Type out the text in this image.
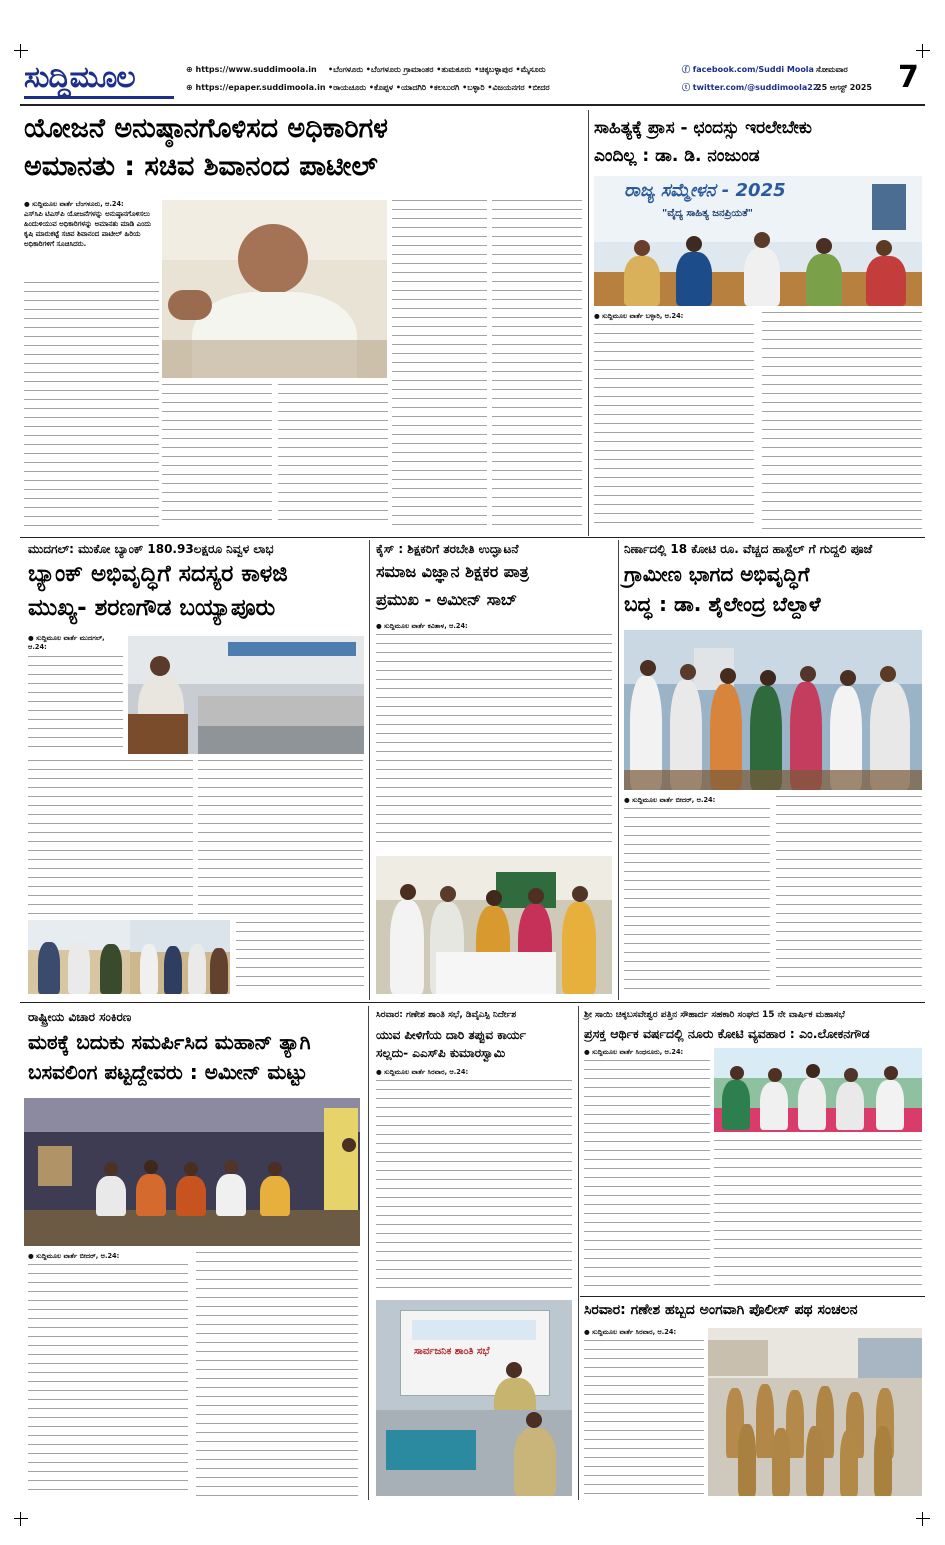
ಸುದ್ದಿಮೂಲ	⊕ https://www.suddimoola.in
⊕ https://epaper.suddimoola.in
•ಬೆಂಗಳೂರು •ಬೆಂಗಳೂರು ಗ್ರಾಮಾಂತರ •ತುಮಕೂರು •ಚಿಕ್ಕಬಳ್ಳಾಪುರ •ಮೈಸೂರು
•ರಾಯಚೂರು •ಕೊಪ್ಪಳ •ಯಾದಗಿರಿ •ಕಲಬುರಗಿ •ಬಳ್ಳಾರಿ •ವಿಜಯನಗರ •ಬೀದರ
ⓕ facebook.com/Suddi Moola
ⓣ twitter.com/@suddimoola22
ಸೋಮವಾರ
25 ಆಗಸ್ಟ್ 2025 7
ಯೋಜನೆ ಅನುಷ್ಠಾನಗೊಳಿಸದ ಅಧಿಕಾರಿಗಳ
ಅಮಾನತು : ಸಚಿವ ಶಿವಾನಂದ ಪಾಟೀಲ್
● ಸುದ್ದಿಮೂಲ ವಾರ್ತೆ ಬೆಂಗಳೂರು, ಆ.24:
ಎಸ್‌ಸಿಪಿ ಟಿಎಸ್‌ಪಿ ಯೋಜನೆಗಳನ್ನು ಅನುಷ್ಠಾನಗೊಳಿಸಲು ಹಿಂದುಳಿಯುವ ಅಧಿಕಾರಿಗಳನ್ನು ಅಮಾನತು ಮಾಡಿ ಎಂದು ಕೃಷಿ ಮಾರುಕಟ್ಟೆ ಸಚಿವ ಶಿವಾನಂದ ಪಾಟೀಲ್ ಹಿರಿಯ ಅಧಿಕಾರಿಗಳಿಗೆ ಸೂಚಿಸಿದರು.
ಸಾಹಿತ್ಯಕ್ಕೆ ಪ್ರಾಸ - ಛಂದಸ್ಸು ಇರಲೇಬೇಕು
ಎಂದಿಲ್ಲ : ಡಾ. ಡಿ. ನಂಜುಂಡ
ರಾಜ್ಯ ಸಮ್ಮೇಳನ - 2025
"ವೈದ್ಯ ಸಾಹಿತ್ಯ ಜನಪ್ರಿಯತೆ"
● ಸುದ್ದಿಮೂಲ ವಾರ್ತೆ ಬಳ್ಳಾರಿ, ಆ.24:
ಮುದಗಲ್: ಮುಕೋ ಬ್ಯಾಂಕ್ 180.93ಲಕ್ಷರೂ ನಿವ್ವಳ ಲಾಭ
ಬ್ಯಾಂಕ್ ಅಭಿವೃದ್ಧಿಗೆ ಸದಸ್ಯರ ಕಾಳಜಿ
ಮುಖ್ಯ- ಶರಣಗೌಡ ಬಯ್ಯಾಪೂರು
● ಸುದ್ದಿಮೂಲ ವಾರ್ತೆ ಮುದಗಲ್, ಆ.24:
ಕೈಸ್ : ಶಿಕ್ಷಕರಿಗೆ ತರಬೇತಿ ಉದ್ಘಾಟನೆ
ಸಮಾಜ ವಿಜ್ಞಾನ ಶಿಕ್ಷಕರ ಪಾತ್ರ
ಪ್ರಮುಖ - ಅಮೀನ್ ಸಾಬ್
● ಸುದ್ದಿಮೂಲ ವಾರ್ತೆ ಕವಿತಾಳ, ಆ.24:
ನಿರ್ಣಾದಲ್ಲಿ 18 ಕೋಟಿ ರೂ. ವೆಚ್ಚದ ಹಾಸ್ಟೆಲ್ ಗೆ ಗುದ್ದಲಿ ಪೂಜೆ
ಗ್ರಾಮೀಣ ಭಾಗದ ಅಭಿವೃದ್ಧಿಗೆ
ಬದ್ಧ : ಡಾ. ಶೈಲೇಂದ್ರ ಬೆಲ್ದಾಳೆ
● ಸುದ್ದಿಮೂಲ ವಾರ್ತೆ ಬೀದರ್, ಆ.24:
ರಾಷ್ಟ್ರೀಯ ವಿಚಾರ ಸಂಕಿರಣ
ಮಠಕ್ಕೆ ಬದುಕು ಸಮರ್ಪಿಸಿದ ಮಹಾನ್ ತ್ಯಾಗಿ
ಬಸವಲಿಂಗ ಪಟ್ಟದ್ದೇವರು : ಅಮೀನ್ ಮಟ್ಟು
● ಸುದ್ದಿಮೂಲ ವಾರ್ತೆ ಬೀದರ್, ಆ.24:
ಸಿರವಾರ: ಗಣೇಶ ಶಾಂತಿ ಸಭೆ, ಡಿವೈಎಸ್ಪಿ ನಿರ್ದೇಶ
ಯುವ ಪೀಳಿಗೆಯ ದಾರಿ ತಪ್ಪುವ ಕಾರ್ಯ
ಸಲ್ಲದು- ಎಎಸ್‌ಪಿ ಕುಮಾರಸ್ವಾಮಿ
● ಸುದ್ದಿಮೂಲ ವಾರ್ತೆ ಸಿರವಾರ, ಆ.24:
ಸಾರ್ವಜನಿಕ ಶಾಂತಿ ಸಭೆ
ಶ್ರೀ ಸಾಯಿ ಚಿಕ್ಕಬಸವೇಶ್ವರ ಪತ್ತಿನ ಸೌಹಾರ್ದ ಸಹಕಾರಿ ಸಂಘದ 15 ನೇ ವಾರ್ಷಿಕ ಮಹಾಸಭೆ
ಪ್ರಸಕ್ತ ಆರ್ಥಿಕ ವರ್ಷದಲ್ಲಿ ನೂರು ಕೋಟಿ ವ್ಯವಹಾರ : ಎಂ.ಲೋಕನಗೌಡ
● ಸುದ್ದಿಮೂಲ ವಾರ್ತೆ ಸಿಂಧನೂರು, ಆ.24:
ಸಿರವಾರ: ಗಣೇಶ ಹಬ್ಬದ ಅಂಗವಾಗಿ ಪೊಲೀಸ್ ಪಥ ಸಂಚಲನ
● ಸುದ್ದಿಮೂಲ ವಾರ್ತೆ ಸಿರವಾರ, ಆ.24:
